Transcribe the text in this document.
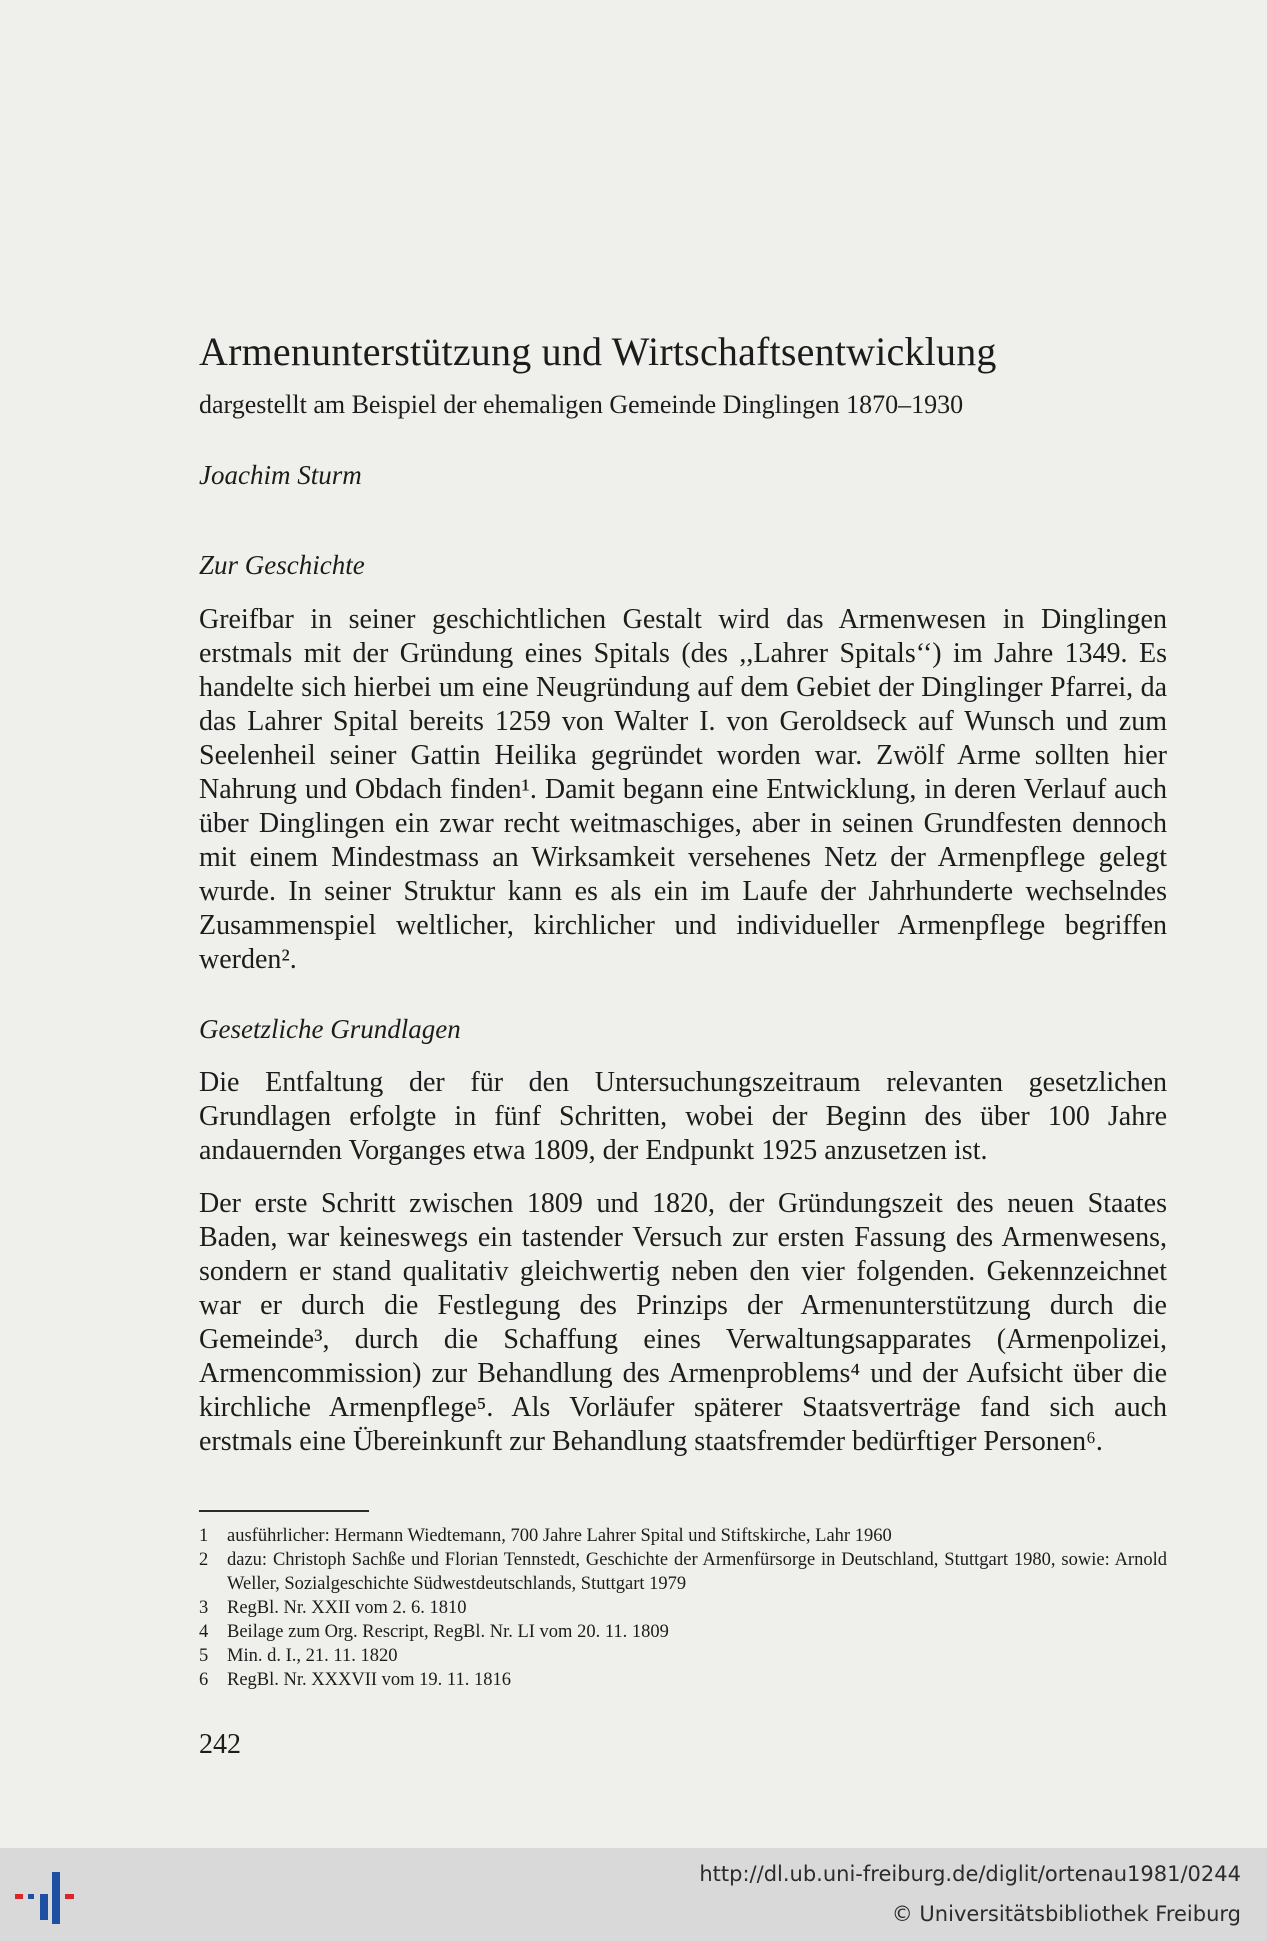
Armenunterstützung und Wirtschaftsentwicklung
dargestellt am Beispiel der ehemaligen Gemeinde Dinglingen 1870–1930
Joachim Sturm
Zur Geschichte
Greifbar in seiner geschichtlichen Gestalt wird das Armenwesen in Dinglingen erstmals mit der Gründung eines Spitals (des ,,Lahrer Spitals‘‘) im Jahre 1349. Es handelte sich hierbei um eine Neugründung auf dem Gebiet der Dinglinger Pfarrei, da das Lahrer Spital bereits 1259 von Walter I. von Geroldseck auf Wunsch und zum Seelenheil seiner Gattin Heilika gegründet worden war. Zwölf Arme sollten hier Nahrung und Obdach finden¹. Damit begann eine Entwicklung, in deren Verlauf auch über Dinglingen ein zwar recht weitmaschiges, aber in seinen Grundfesten dennoch mit einem Mindestmass an Wirksamkeit versehenes Netz der Armenpflege gelegt wurde. In seiner Struktur kann es als ein im Laufe der Jahrhunderte wechselndes Zusammenspiel weltlicher, kirchlicher und individueller Armenpflege begriffen werden².
Gesetzliche Grundlagen
Die Entfaltung der für den Untersuchungszeitraum relevanten gesetzlichen Grundlagen erfolgte in fünf Schritten, wobei der Beginn des über 100 Jahre andauernden Vorganges etwa 1809, der Endpunkt 1925 anzusetzen ist.
Der erste Schritt zwischen 1809 und 1820, der Gründungszeit des neuen Staates Baden, war keineswegs ein tastender Versuch zur ersten Fassung des Armenwesens, sondern er stand qualitativ gleichwertig neben den vier folgenden. Gekennzeichnet war er durch die Festlegung des Prinzips der Armenunterstützung durch die Gemeinde³, durch die Schaffung eines Verwaltungsapparates (Armenpolizei, Armencommission) zur Behandlung des Armenproblems⁴ und der Aufsicht über die kirchliche Armenpflege⁵. Als Vorläufer späterer Staatsverträge fand sich auch erstmals eine Übereinkunft zur Behandlung staatsfremder bedürftiger Personen⁶.
1	ausführlicher: Hermann Wiedtemann, 700 Jahre Lahrer Spital und Stiftskirche, Lahr 1960
2	dazu: Christoph Sachße und Florian Tennstedt, Geschichte der Armenfürsorge in Deutschland, Stuttgart 1980, sowie: Arnold Weller, Sozialgeschichte Südwestdeutschlands, Stuttgart 1979
3	RegBl. Nr. XXII vom 2. 6. 1810
4	Beilage zum Org. Rescript, RegBl. Nr. LI vom 20. 11. 1809
5	Min. d. I., 21. 11. 1820
6	RegBl. Nr. XXXVII vom 19. 11. 1816
242
http://dl.ub.uni-freiburg.de/diglit/ortenau1981/0244
© Universitätsbibliothek Freiburg
